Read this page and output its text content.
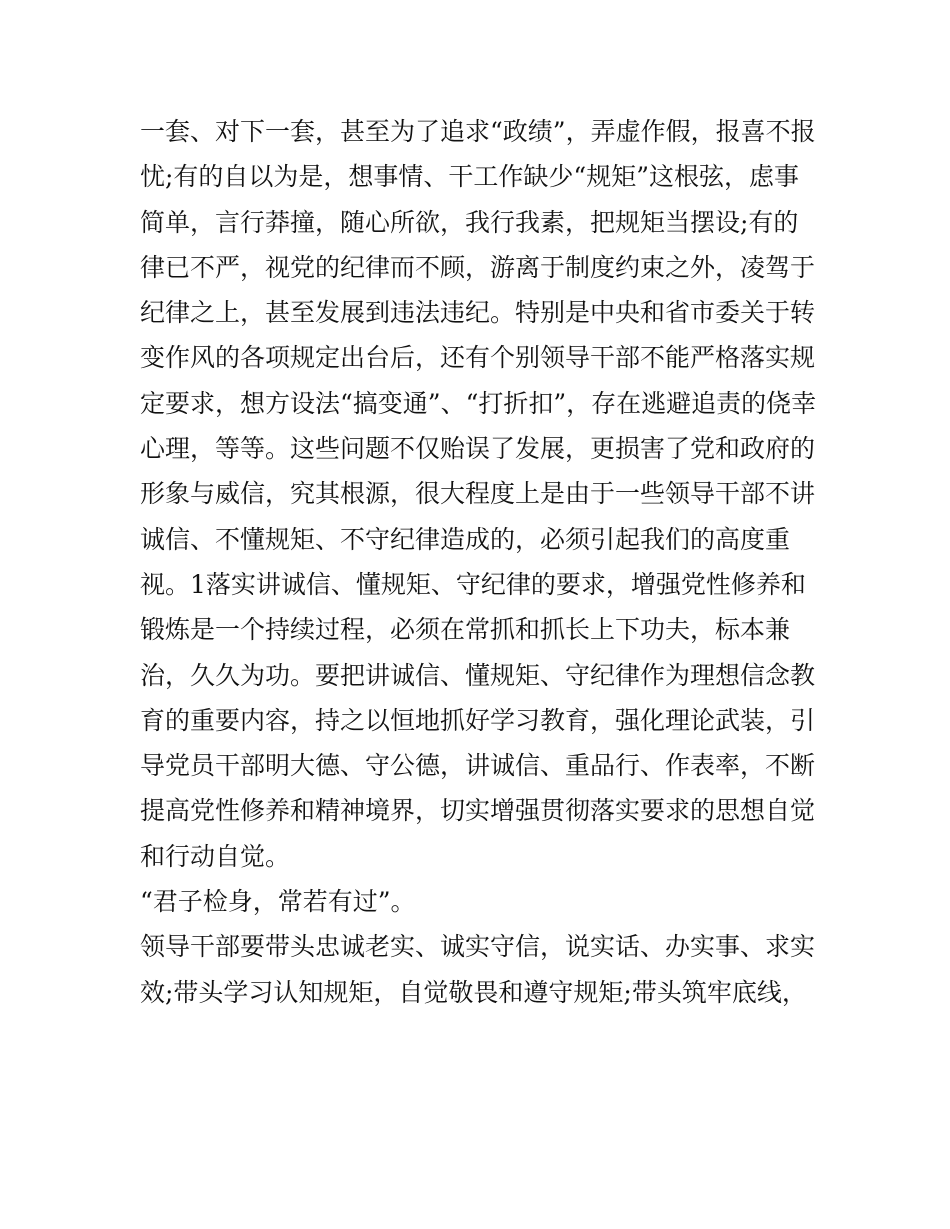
一套、对下一套，甚至为了追求“政绩”，弄虚作假，报喜不报
忧;有的自以为是，想事情、干工作缺少“规矩”这根弦，虑事
简单，言行莽撞，随心所欲，我行我素，把规矩当摆设;有的
律已不严，视党的纪律而不顾，游离于制度约束之外，凌驾于
纪律之上，甚至发展到违法违纪。特别是中央和省市委关于转
变作风的各项规定出台后，还有个别领导干部不能严格落实规
定要求，想方设法“搞变通”、“打折扣”，存在逃避追责的侥幸
心理，等等。这些问题不仅贻误了发展，更损害了党和政府的
形象与威信，究其根源，很大程度上是由于一些领导干部不讲
诚信、不懂规矩、不守纪律造成的，必须引起我们的高度重
视。1落实讲诚信、懂规矩、守纪律的要求，增强党性修养和
锻炼是一个持续过程，必须在常抓和抓长上下功夫，标本兼
治，久久为功。要把讲诚信、懂规矩、守纪律作为理想信念教
育的重要内容，持之以恒地抓好学习教育，强化理论武装，引
导党员干部明大德、守公德，讲诚信、重品行、作表率，不断
提高党性修养和精神境界，切实增强贯彻落实要求的思想自觉
和行动自觉。
“君子检身，常若有过”。
领导干部要带头忠诚老实、诚实守信，说实话、办实事、求实
效;带头学习认知规矩，自觉敬畏和遵守规矩;带头筑牢底线，
